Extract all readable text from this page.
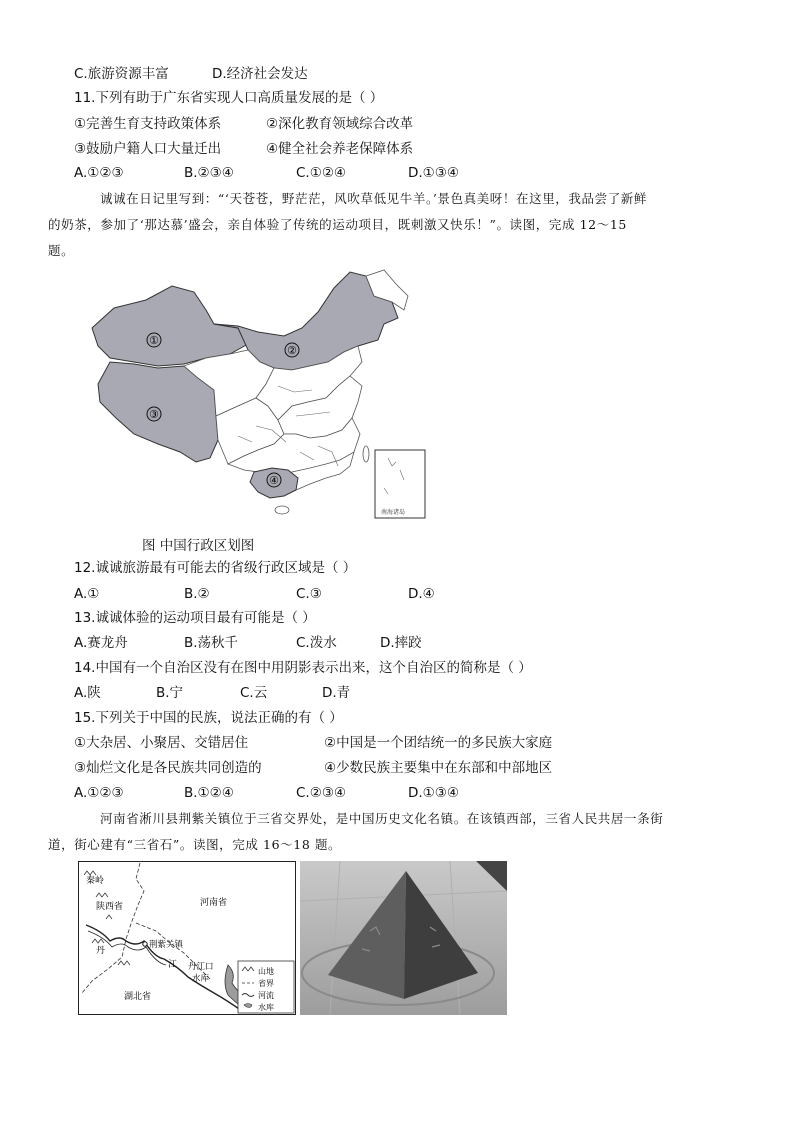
C.旅游资源丰富	D.经济社会发达
11.下列有助于广东省实现人口高质量发展的是（ ）
①完善生育支持政策体系	②深化教育领域综合改革
③鼓励户籍人口大量迁出	④健全社会养老保障体系
A.①②③	B.②③④	C.①②④	D.①③④
诚诚在日记里写到：“‘天苍苍，野茫茫，风吹草低见牛羊。’景色真美呀！在这里，我品尝了新鲜
的奶茶，参加了‘那达慕’盛会，亲自体验了传统的运动项目，既刺激又快乐！”。读图，完成 12～15
题。
南海诸岛
①
②
③
④
图 中国行政区划图
12.诚诚旅游最有可能去的省级行政区域是（ ）
A.①	B.②	C.③	D.④
13.诚诚体验的运动项目最有可能是（ ）
A.赛龙舟	B.荡秋千	C.泼水	D.摔跤
14.中国有一个自治区没有在图中用阴影表示出来，这个自治区的简称是（ ）
A.陕	B.宁	C.云	D.青
15.下列关于中国的民族，说法正确的有（ ）
①大杂居、小聚居、交错居住	②中国是一个团结统一的多民族大家庭
③灿烂文化是各民族共同创造的	④少数民族主要集中在东部和中部地区
A.①②③	B.①②④	C.②③④	D.①③④
河南省淅川县荆紫关镇位于三省交界处，是中国历史文化名镇。在该镇西部，三省人民共居一条街
道，街心建有“三省石”。读图，完成 16～18 题。
秦岭
陕西省	河南省
丹
荆紫关镇
江 丹江口
水库
湖北省
山地
省界
河流
水库
